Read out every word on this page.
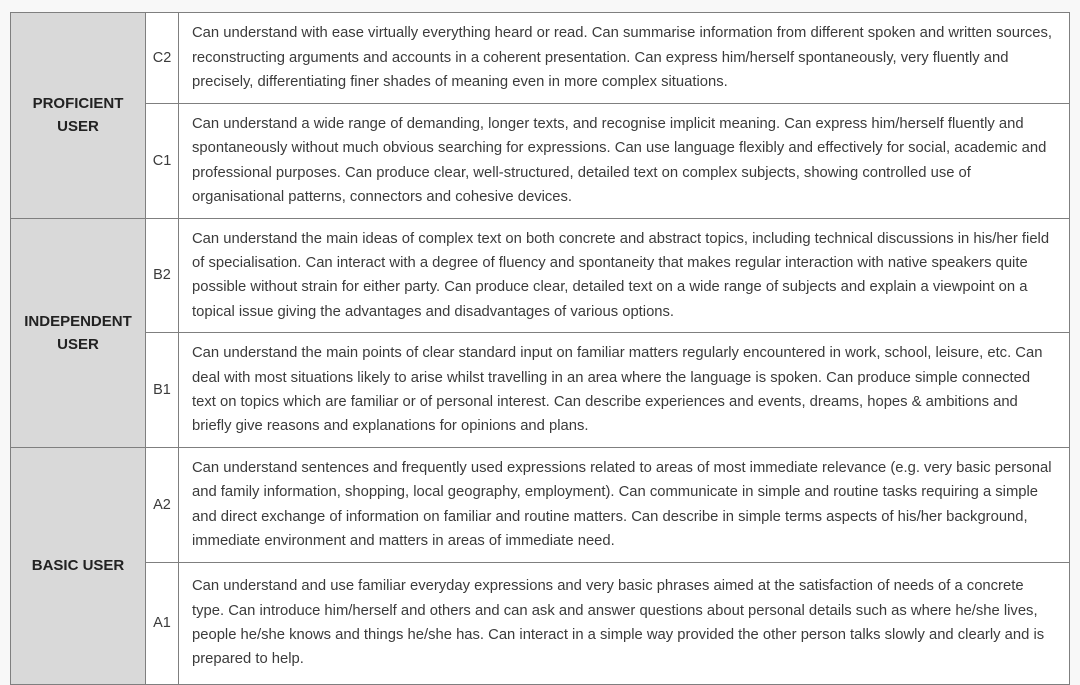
PROFICIENT USER	C2	Can understand with ease virtually everything heard or read. Can summarise information from different spoken and written sources, reconstructing arguments and accounts in a coherent presentation. Can express him/herself spontaneously, very fluently and precisely, differentiating finer shades of meaning even in more complex situations.
	C1	Can understand a wide range of demanding, longer texts, and recognise implicit meaning. Can express him/herself fluently and spontaneously without much obvious searching for expressions. Can use language flexibly and effectively for social, academic and professional purposes. Can produce clear, well-structured, detailed text on complex subjects, showing controlled use of organisational patterns, connectors and cohesive devices.
INDEPENDENT USER	B2	Can understand the main ideas of complex text on both concrete and abstract topics, including technical discussions in his/her field of specialisation. Can interact with a degree of fluency and spontaneity that makes regular interaction with native speakers quite possible without strain for either party. Can produce clear, detailed text on a wide range of subjects and explain a viewpoint on a topical issue giving the advantages and disadvantages of various options.
	B1	Can understand the main points of clear standard input on familiar matters regularly encountered in work, school, leisure, etc. Can deal with most situations likely to arise whilst travelling in an area where the language is spoken. Can produce simple connected text on topics which are familiar or of personal interest. Can describe experiences and events, dreams, hopes & ambitions and briefly give reasons and explanations for opinions and plans.
BASIC USER	A2	Can understand sentences and frequently used expressions related to areas of most immediate relevance (e.g. very basic personal and family information, shopping, local geography, employment). Can communicate in simple and routine tasks requiring a simple and direct exchange of information on familiar and routine matters. Can describe in simple terms aspects of his/her background, immediate environment and matters in areas of immediate need.
	A1	Can understand and use familiar everyday expressions and very basic phrases aimed at the satisfaction of needs of a concrete type. Can introduce him/herself and others and can ask and answer questions about personal details such as where he/she lives, people he/she knows and things he/she has. Can interact in a simple way provided the other person talks slowly and clearly and is prepared to help.
